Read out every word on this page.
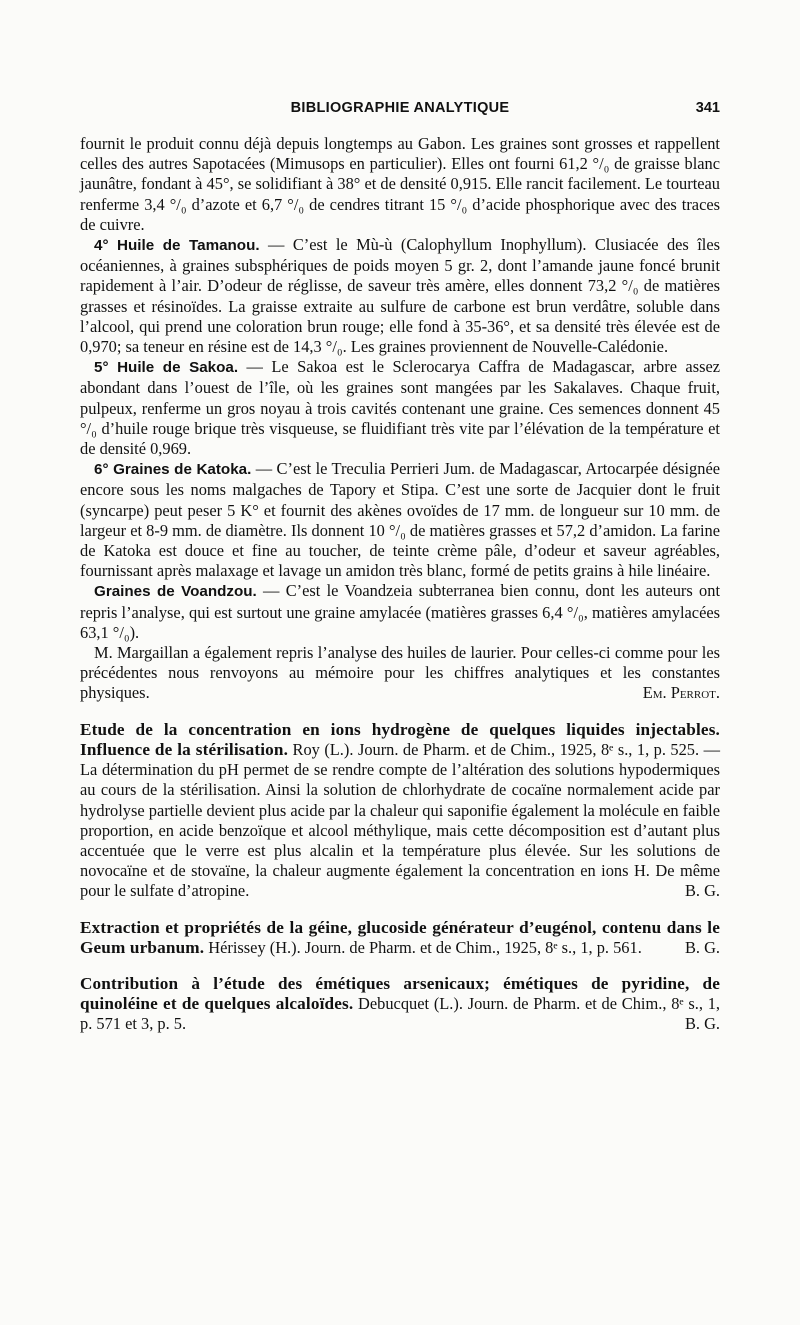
BIBLIOGRAPHIE ANALYTIQUE	341

fournit le produit connu déjà depuis longtemps au Gabon. Les graines sont grosses et rappellent celles des autres Sapotacées (Mimusops en particulier). Elles ont fourni 61,2 °/₀ de graisse blanc jaunâtre, fondant à 45°, se solidifiant à 38° et de densité 0,915. Elle rancit facilement. Le tourteau renferme 3,4 °/₀ d’azote et 6,7 °/₀ de cendres titrant 15 °/₀ d’acide phosphorique avec des traces de cuivre.

4° Huile de Tamanou. — C’est le Mù-ù (Calophyllum Inophyllum). Clusiacée des îles océaniennes, à graines subsphériques de poids moyen 5 gr. 2, dont l’amande jaune foncé brunit rapidement à l’air. D’odeur de réglisse, de saveur très amère, elles donnent 73,2 °/₀ de matières grasses et résinoïdes. La graisse extraite au sulfure de carbone est brun verdâtre, soluble dans l’alcool, qui prend une coloration brun rouge; elle fond à 35-36°, et sa densité très élevée est de 0,970; sa teneur en résine est de 14,3 °/₀. Les graines proviennent de Nouvelle-Calédonie.

5° Huile de Sakoa. — Le Sakoa est le Sclerocarya Caffra de Madagascar, arbre assez abondant dans l’ouest de l’île, où les graines sont mangées par les Sakalaves. Chaque fruit, pulpeux, renferme un gros noyau à trois cavités contenant une graine. Ces semences donnent 45 °/₀ d’huile rouge brique très visqueuse, se fluidifiant très vite par l’élévation de la température et de densité 0,969.

6° Graines de Katoka. — C’est le Treculia Perrieri Jum. de Madagascar, Artocarpée désignée encore sous les noms malgaches de Tapory et Stipa. C’est une sorte de Jacquier dont le fruit (syncarpe) peut peser 5 K° et fournit des akènes ovoïdes de 17 mm. de longueur sur 10 mm. de largeur et 8-9 mm. de diamètre. Ils donnent 10 °/₀ de matières grasses et 57,2 d’amidon. La farine de Katoka est douce et fine au toucher, de teinte crème pâle, d’odeur et saveur agréables, fournissant après malaxage et lavage un amidon très blanc, formé de petits grains à hile linéaire.

Graines de Voandzou. — C’est le Voandzeia subterranea bien connu, dont les auteurs ont repris l’analyse, qui est surtout une graine amylacée (matières grasses 6,4 °/₀, matières amylacées 63,1 °/₀).

M. Margaillan a également repris l’analyse des huiles de laurier. Pour celles-ci comme pour les précédentes nous renvoyons au mémoire pour les chiffres analytiques et les constantes physiques.	Em. Perrot.

Etude de la concentration en ions hydrogène de quelques liquides injectables. Influence de la stérilisation. Roy (L.). Journ. de Pharm. et de Chim., 1925, 8ᵉ s., 1, p. 525. — La détermination du pH permet de se rendre compte de l’altération des solutions hypodermiques au cours de la stérilisation. Ainsi la solution de chlorhydrate de cocaïne normalement acide par hydrolyse partielle devient plus acide par la chaleur qui saponifie également la molécule en faible proportion, en acide benzoïque et alcool méthylique, mais cette décomposition est d’autant plus accentuée que le verre est plus alcalin et la température plus élevée. Sur les solutions de novocaïne et de stovaïne, la chaleur augmente également la concentration en ions H. De même pour le sulfate d’atropine.	B. G.

Extraction et propriétés de la géine, glucoside générateur d’eugénol, contenu dans le Geum urbanum. Hérissey (H.). Journ. de Pharm. et de Chim., 1925, 8ᵉ s., 1, p. 561.	B. G.

Contribution à l’étude des émétiques arsenicaux; émétiques de pyridine, de quinoléine et de quelques alcaloïdes. Debucquet (L.). Journ. de Pharm. et de Chim., 8ᵉ s., 1, p. 571 et 3, p. 5.	B. G.
